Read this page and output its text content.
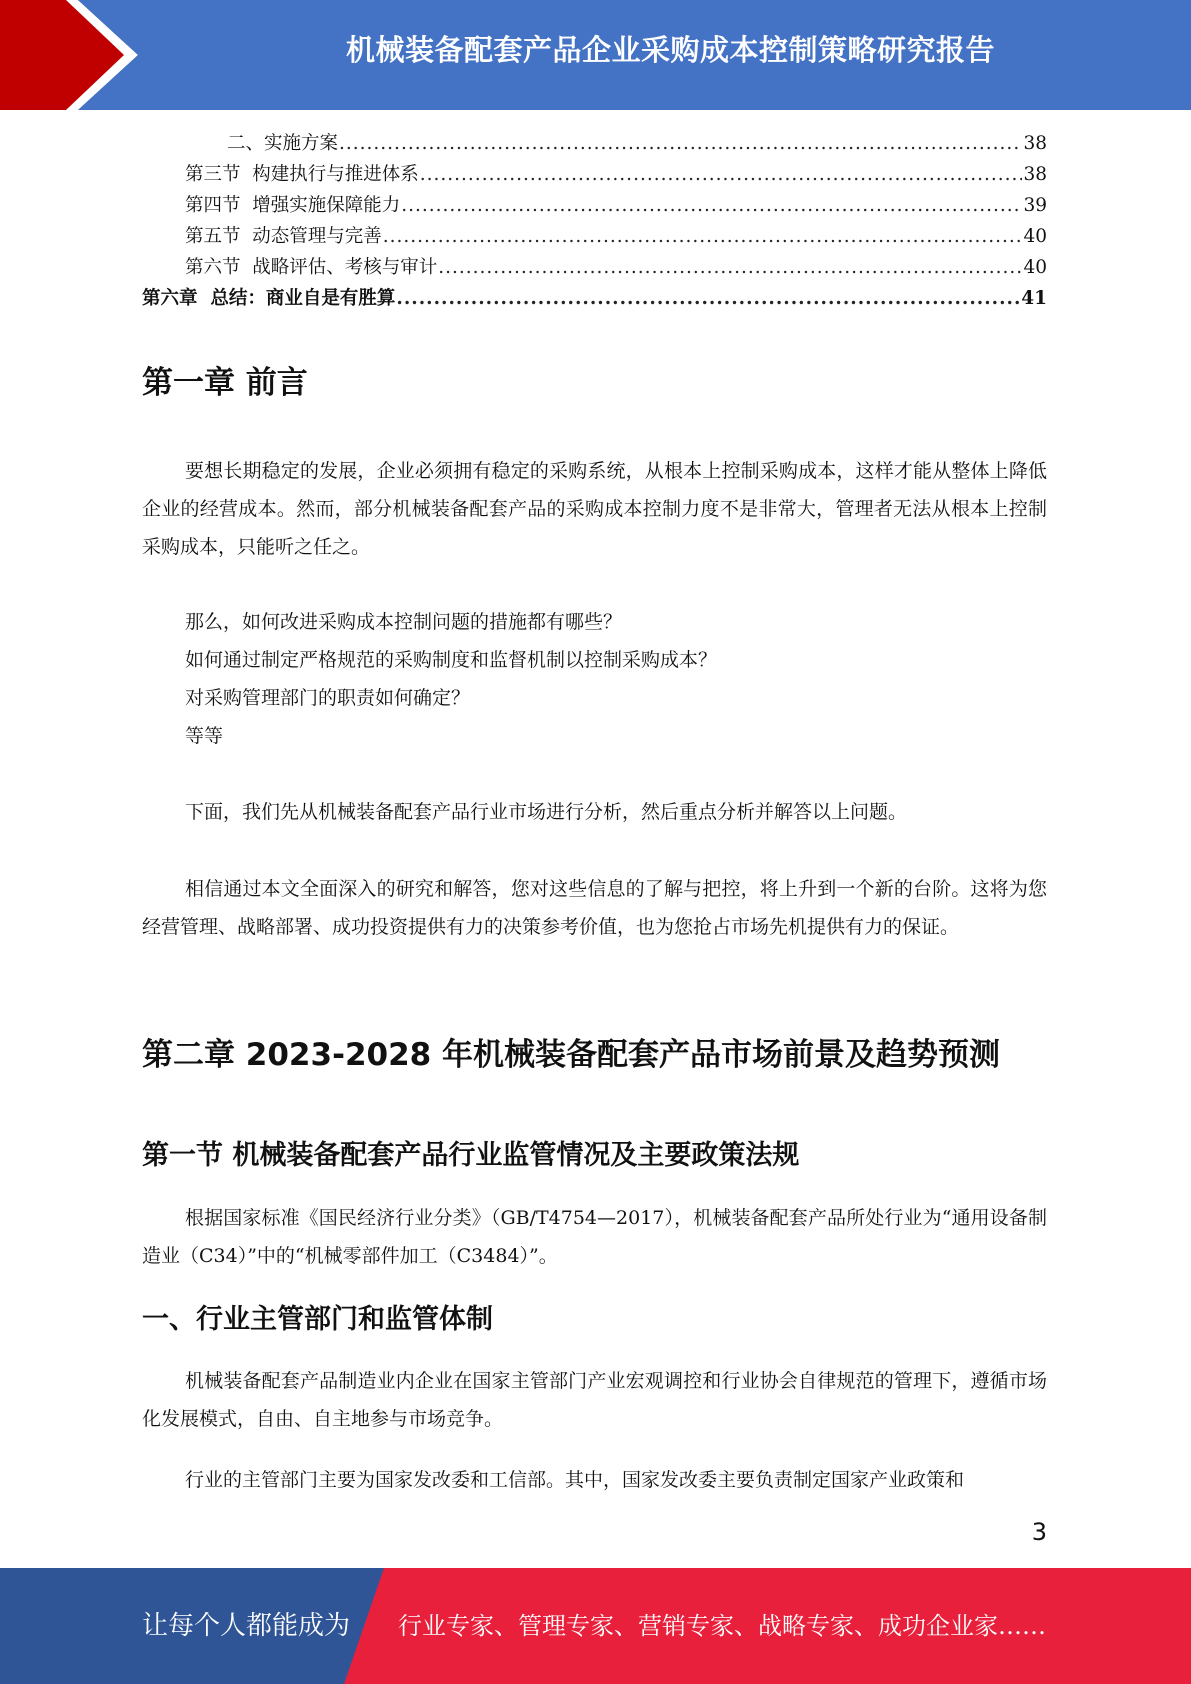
机械装备配套产品企业采购成本控制策略研究报告
二、实施方案 .....	38
第三节  构建执行与推进体系 .....	38
第四节  增强实施保障能力 .....	39
第五节  动态管理与完善 .....	40
第六节  战略评估、考核与审计 .....	40
第六章  总结：商业自是有胜算 .....	41
第一章 前言

要想长期稳定的发展，企业必须拥有稳定的采购系统，从根本上控制采购成本，这样才能从整体上降低企业的经营成本。然而，部分机械装备配套产品的采购成本控制力度不是非常大，管理者无法从根本上控制采购成本，只能听之任之。

那么，如何改进采购成本控制问题的措施都有哪些？

如何通过制定严格规范的采购制度和监督机制以控制采购成本？

对采购管理部门的职责如何确定？

等等

下面，我们先从机械装备配套产品行业市场进行分析，然后重点分析并解答以上问题。

相信通过本文全面深入的研究和解答，您对这些信息的了解与把控，将上升到一个新的台阶。这将为您经营管理、战略部署、成功投资提供有力的决策参考价值，也为您抢占市场先机提供有力的保证。

第二章 2023-2028 年机械装备配套产品市场前景及趋势预测
第一节 机械装备配套产品行业监管情况及主要政策法规

根据国家标准《国民经济行业分类》（GB/T4754—2017），机械装备配套产品所处行业为“通用设备制造业（C34）”中的“机械零部件加工（C3484）”。

一、行业主管部门和监管体制

机械装备配套产品制造业内企业在国家主管部门产业宏观调控和行业协会自律规范的管理下，遵循市场化发展模式，自由、自主地参与市场竞争。

行业的主管部门主要为国家发改委和工信部。其中，国家发改委主要负责制定国家产业政策和

3
让每个人都能成为 行业专家、管理专家、营销专家、战略专家、成功企业家……
